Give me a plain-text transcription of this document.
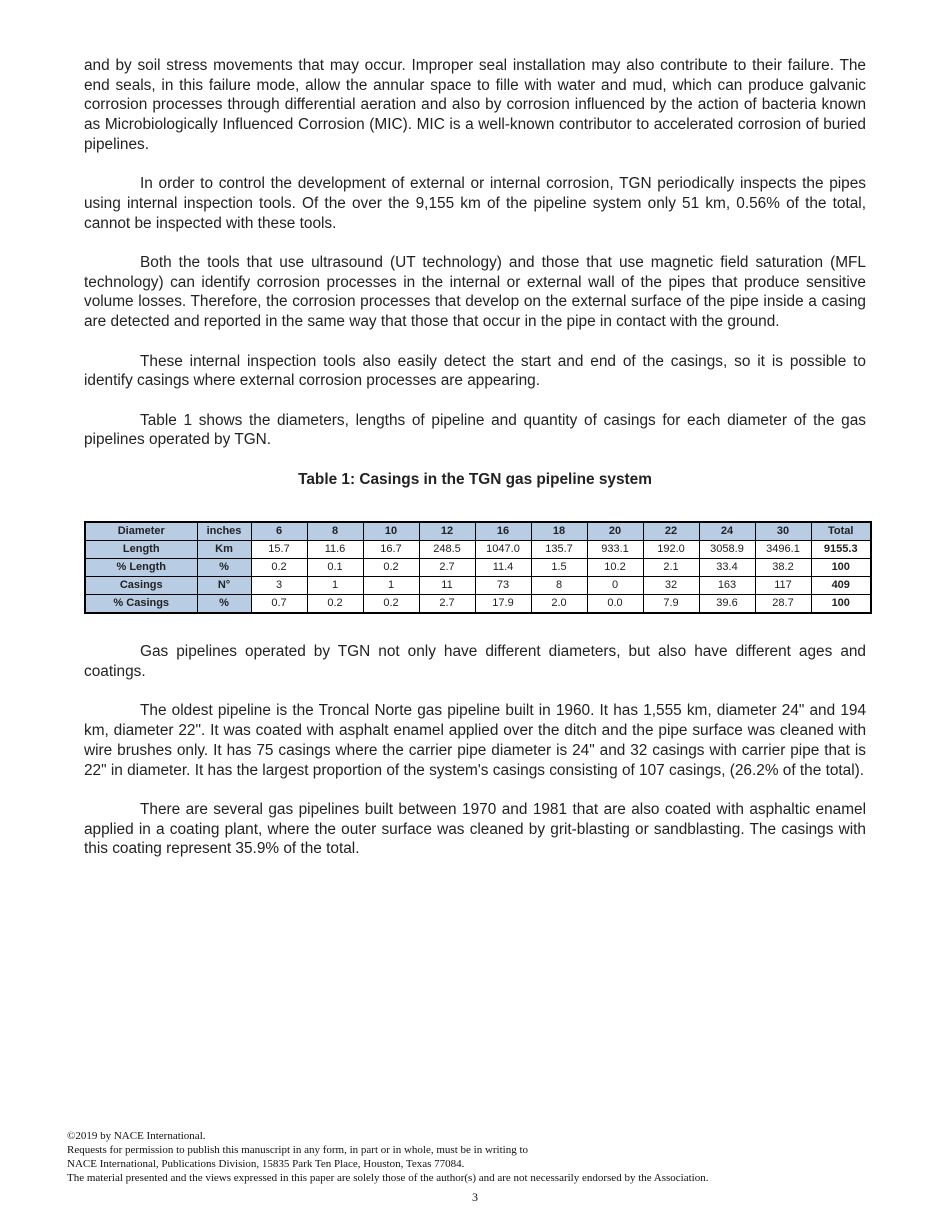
and by soil stress movements that may occur. Improper seal installation may also contribute to their failure. The end seals, in this failure mode, allow the annular space to fille with water and mud, which can produce galvanic corrosion processes through differential aeration and also by corrosion influenced by the action of bacteria known as Microbiologically Influenced Corrosion (MIC). MIC is a well-known contributor to accelerated corrosion of buried pipelines.

In order to control the development of external or internal corrosion, TGN periodically inspects the pipes using internal inspection tools. Of the over the 9,155 km of the pipeline system only 51 km, 0.56% of the total, cannot be inspected with these tools.

Both the tools that use ultrasound (UT technology) and those that use magnetic field saturation (MFL technology) can identify corrosion processes in the internal or external wall of the pipes that produce sensitive volume losses. Therefore, the corrosion processes that develop on the external surface of the pipe inside a casing are detected and reported in the same way that those that occur in the pipe in contact with the ground.

These internal inspection tools also easily detect the start and end of the casings, so it is possible to identify casings where external corrosion processes are appearing.

Table 1 shows the diameters, lengths of pipeline and quantity of casings for each diameter of the gas pipelines operated by TGN.

Table 1: Casings in the TGN gas pipeline system

Diameter	inches	6	8	10	12	16	18	20	22	24	30	Total
Length	Km	15.7	11.6	16.7	248.5	1047.0	135.7	933.1	192.0	3058.9	3496.1	9155.3
% Length	%	0.2	0.1	0.2	2.7	11.4	1.5	10.2	2.1	33.4	38.2	100
Casings	N°	3	1	1	11	73	8	0	32	163	117	409
% Casings	%	0.7	0.2	0.2	2.7	17.9	2.0	0.0	7.9	39.6	28.7	100

Gas pipelines operated by TGN not only have different diameters, but also have different ages and coatings.

The oldest pipeline is the Troncal Norte gas pipeline built in 1960. It has 1,555 km, diameter 24" and 194 km, diameter 22". It was coated with asphalt enamel applied over the ditch and the pipe surface was cleaned with wire brushes only. It has 75 casings where the carrier pipe diameter is 24" and 32 casings with carrier pipe that is 22" in diameter. It has the largest proportion of the system's casings consisting of 107 casings, (26.2% of the total).

There are several gas pipelines built between 1970 and 1981 that are also coated with asphaltic enamel applied in a coating plant, where the outer surface was cleaned by grit-blasting or sandblasting. The casings with this coating represent 35.9% of the total.

©2019 by NACE International.
Requests for permission to publish this manuscript in any form, in part or in whole, must be in writing to
NACE International, Publications Division, 15835 Park Ten Place, Houston, Texas 77084.
The material presented and the views expressed in this paper are solely those of the author(s) and are not necessarily endorsed by the Association.
3
